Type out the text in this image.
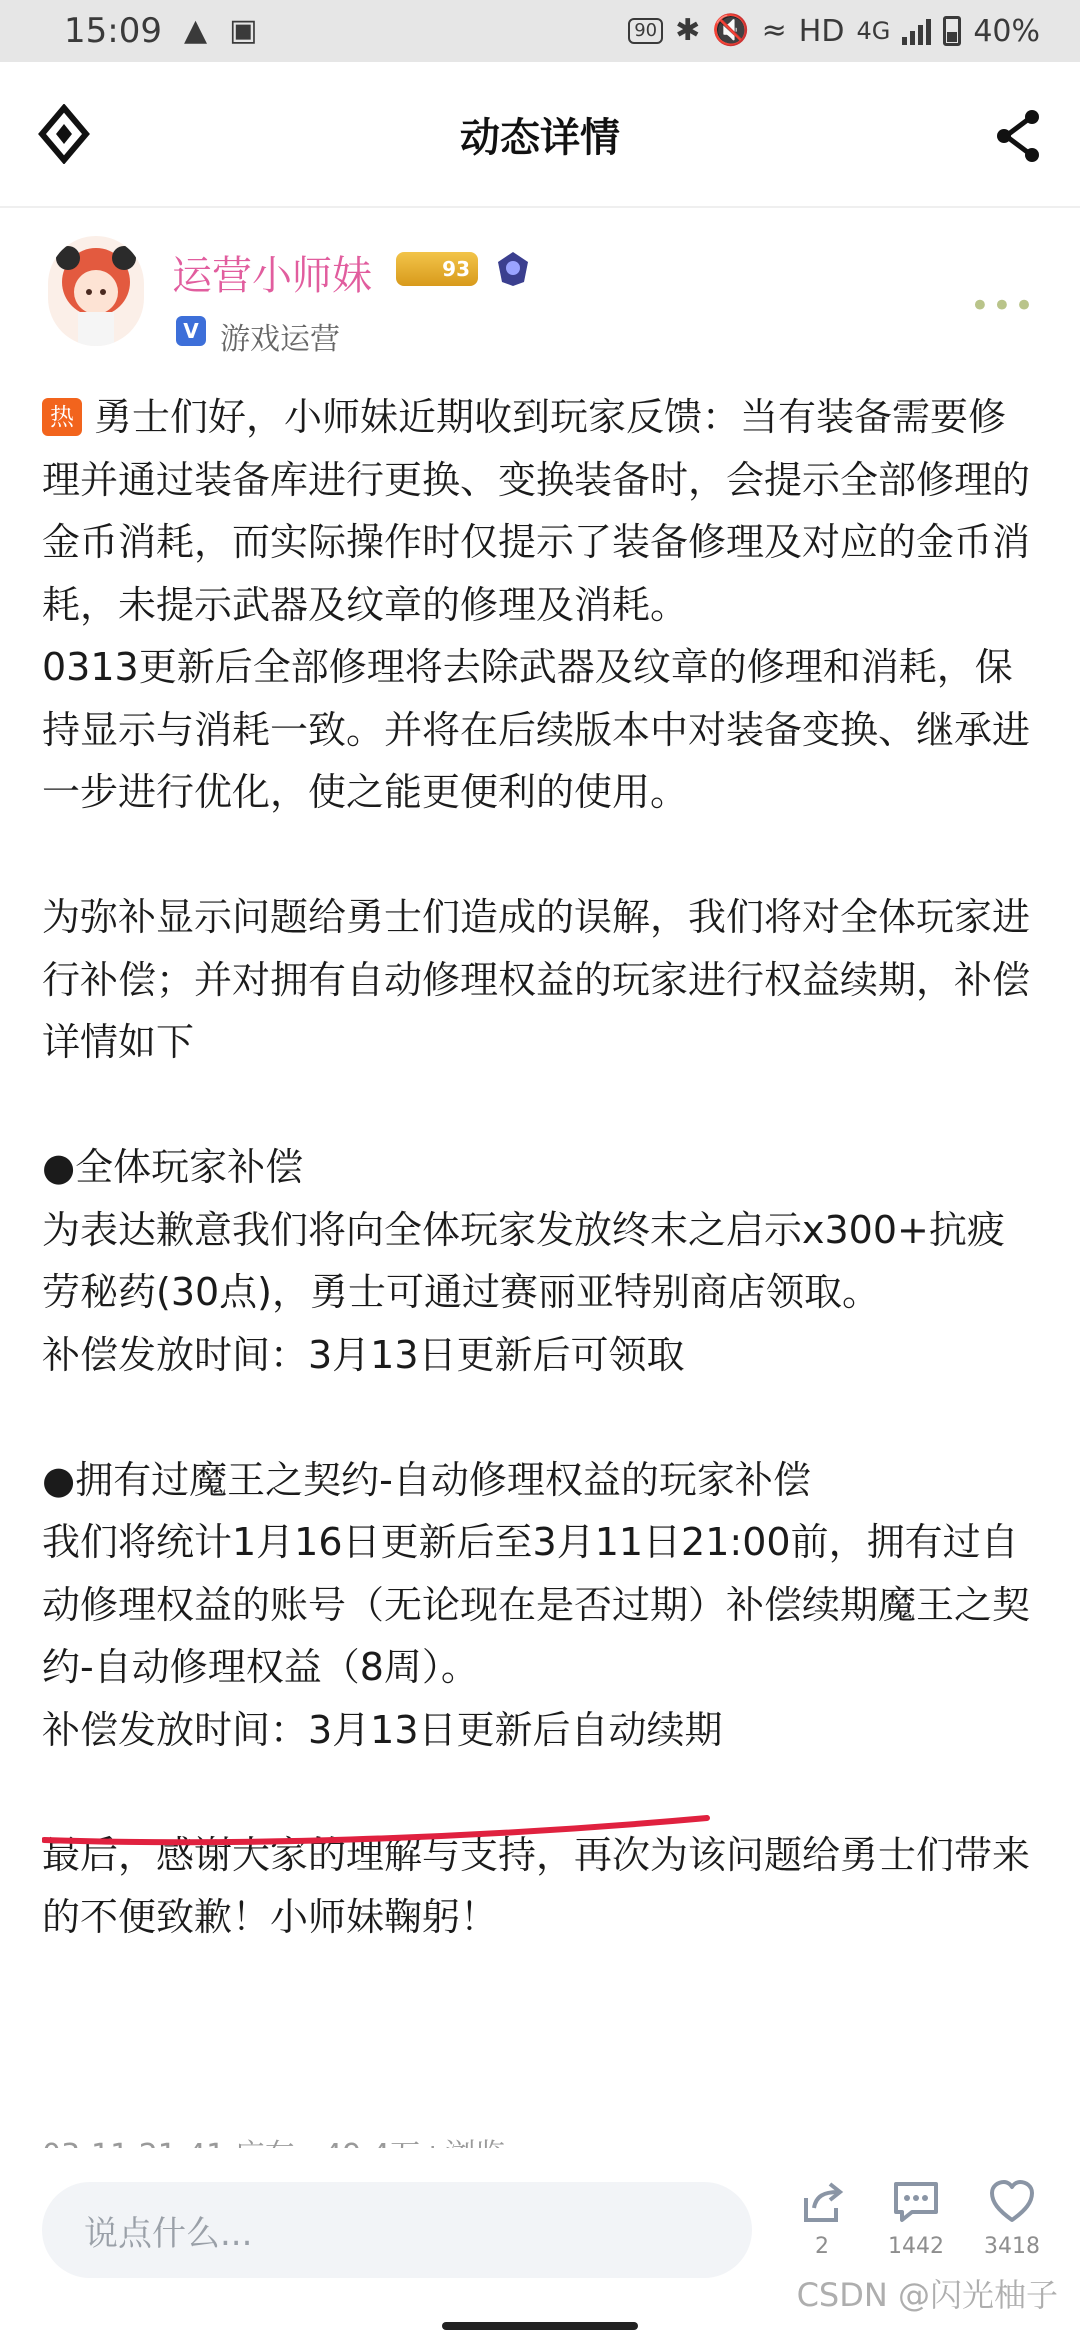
15:09 ▲ ▣	90 ✱ 🔇 ≈ HD 4G	40%
动态详情
运营小师妹	93
V 游戏运营
•••

热 勇士们好，小师妹近期收到玩家反馈：当有装备需要修理并通过装备库进行更换、变换装备时，会提示全部修理的金币消耗，而实际操作时仅提示了装备修理及对应的金币消耗，未提示武器及纹章的修理及消耗。

0313更新后全部修理将去除武器及纹章的修理和消耗，保持显示与消耗一致。并将在后续版本中对装备变换、继承进一步进行优化，使之能更便利的使用。

为弥补显示问题给勇士们造成的误解，我们将对全体玩家进行补偿；并对拥有自动修理权益的玩家进行权益续期，补偿详情如下

●全体玩家补偿

为表达歉意我们将向全体玩家发放终末之启示x300+抗疲劳秘药(30点)，勇士可通过赛丽亚特别商店领取。

补偿发放时间：3月13日更新后可领取

●拥有过魔王之契约-自动修理权益的玩家补偿

我们将统计1月16日更新后至3月11日21:00前，拥有过自动修理权益的账号（无论现在是否过期）补偿续期魔王之契约-自动修理权益（8周）。

补偿发放时间：3月13日更新后自动续期

最后，感谢大家的理解与支持，再次为该问题给勇士们带来的不便致歉！小师妹鞠躬！

说点什么...	2	1442 3418
CSDN @闪光柚子
